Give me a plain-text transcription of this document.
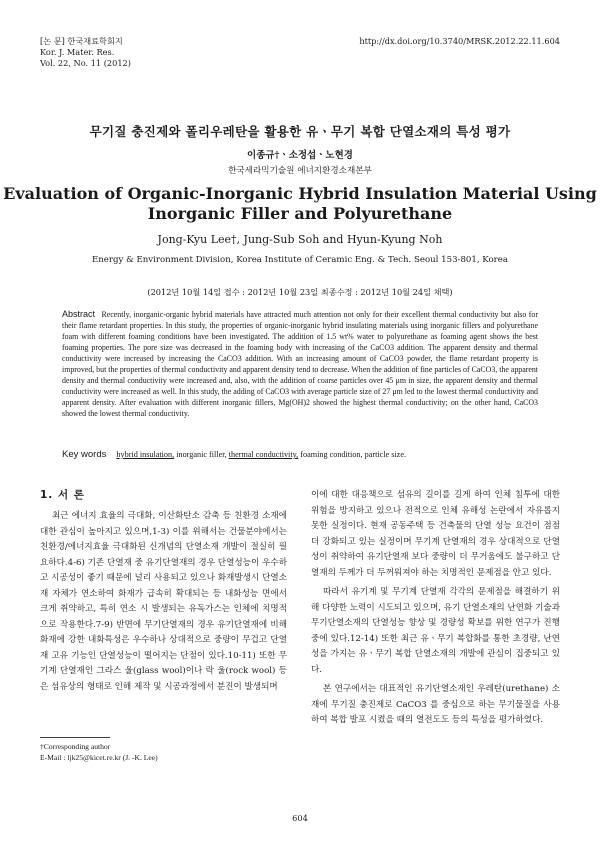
[논 문] 한국재료학회지
Kor. J. Mater. Res.
Vol. 22, No. 11 (2012)
http://dx.doi.org/10.3740/MRSK.2012.22.11.604
무기질 충진제와 폴리우레탄을 활용한 유ㆍ무기 복합 단열소재의 특성 평가
이종규†ㆍ소정섭ㆍ노현경
한국세라믹기술원 에너지환경소재본부
Evaluation of Organic-Inorganic Hybrid Insulation Material Using
Inorganic Filler and Polyurethane
Jong-Kyu Lee†, Jung-Sub Soh and Hyun-Kyung Noh
Energy & Environment Division, Korea Institute of Ceramic Eng. & Tech. Seoul 153-801, Korea
(2012년 10월 14일 접수 : 2012년 10월 23일 최종수정 : 2012년 10월 24일 채택)
Abstract Recently, inorganic-organic hybrid materials have attracted much attention not only for their excellent thermal conductivity but also for their flame retardant properties. In this study, the properties of organic-inorganic hybrid insulating materials using inorganic fillers and polyurethane foam with different foaming conditions have been investigated. The addition of 1.5 wt% water to polyurethane as foaming agent shows the best foaming properties. The pore size was decreased in the foaming body with increasing of the CaCO3 addition. The apparent density and thermal conductivity were increased by increasing the CaCO3 addition. With an increasing amount of CaCO3 powder, the flame retardant property is improved, but the properties of thermal conductivity and apparent density tend to decrease. When the addition of fine particles of CaCO3, the apparent density and thermal conductivity were increased and, also, with the addition of coarse particles over 45 μm in size, the apparent density and thermal conductivity were increased as well. In this study, the adding of CaCO3 with average particle size of 27 μm led to the lowest thermal conductivity and apparent density. After evaluation with different inorganic fillers, Mg(OH)2 showed the highest thermal conductivity; on the other hand, CaCO3 showed the lowest thermal conductivity.
Key words hybrid insulation, inorganic filler, thermal conductivity, foaming condition, particle size.
1. 서 론

최근 에너지 효율의 극대화, 이산화탄소 감축 등 친환경 소재에 대한 관심이 높아지고 있으며,1-3) 이를 위해서는 건물분야에서는 친환경/에너지효율 극대화된 신개념의 단열소재 개발이 절실히 필요하다.4-6) 기존 단열재 중 유기단열재의 경우 단열성능이 우수하고 시공성이 좋기 때문에 널리 사용되고 있으나 화재발생시 단열소재 자체가 연소하여 화재가 급속히 확대되는 등 내화성능 면에서 크게 취약하고, 특히 연소 시 발생되는 유독가스는 인체에 치명적으로 작용한다.7-9) 반면에 무기단열재의 경우 유기단열재에 비해 화재에 강한 내화특성은 우수하나 상대적으로 중량이 무겁고 단열재 고유 기능인 단열성능이 떨어지는 단점이 있다.10-11) 또한 무기계 단열재인 그라스 울(glass wool)이나 락 울(rock wool) 등은 섬유상의 형태로 인해 제작 및 시공과정에서 분진이 발생되며

이에 대한 대응책으로 섬유의 길이를 길게 하여 인체 침투에 대한 위험을 방지하고 있으나 전적으로 인체 유해성 논란에서 자유롭지 못한 실정이다. 현재 공동주택 등 건축물의 단열 성능 요건이 점점 더 강화되고 있는 실정이며 무기계 단열재의 경우 상대적으로 단열성이 취약하여 유기단열재 보다 중량이 더 무거움에도 불구하고 단열재의 두께가 더 두꺼워져야 하는 치명적인 문제점을 안고 있다.

따라서 유기계 및 무기계 단열재 각각의 문제점을 해결하기 위해 다양한 노력이 시도되고 있으며, 유기 단열소재의 난연화 기술과 무기단열소재의 단열성능 향상 및 경량성 확보를 위한 연구가 진행 중에 있다.12-14) 또한 최근 유ㆍ무기 복합화를 통한 초경량, 난연성을 가지는 유ㆍ무기 복합 단열소재의 개발에 관심이 집중되고 있다.

본 연구에서는 대표적인 유기단열소재인 우레탄(urethane) 소재에 무기질 충진제로 CaCO3 를 중심으로 하는 무기물질을 사용하여 복합 발포 시켰을 때의 열전도도 등의 특성을 평가하였다.

†Corresponding author
E-Mail : ljk25@kicet.re.kr (J. -K. Lee)
604
